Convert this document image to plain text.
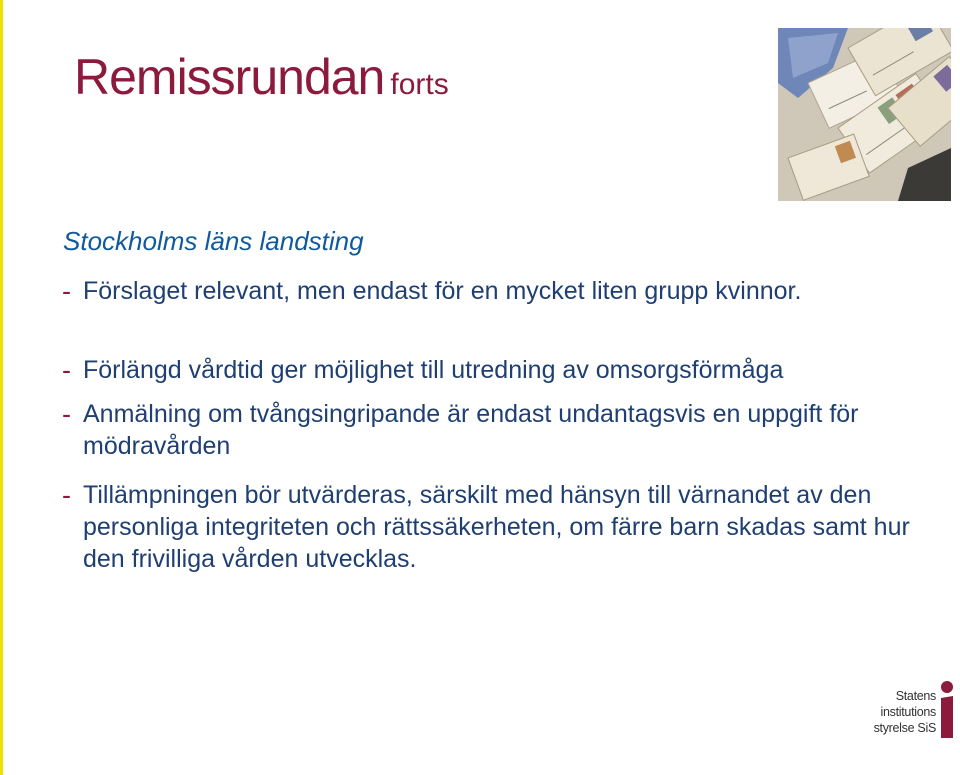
Remissrundan forts

Stockholms läns landsting

- Förslaget relevant, men endast för en mycket liten grupp kvinnor.

- Förlängd vårdtid ger möjlighet till utredning av omsorgsförmåga

- Anmälning om tvångsingripande är endast undantagsvis en uppgift för mödravården

- Tillämpningen bör utvärderas, särskilt med hänsyn till värnandet av den personliga integriteten och rättssäkerheten, om färre barn skadas samt hur den frivilliga vården utvecklas.

Statens
institutions
styrelse SiS
